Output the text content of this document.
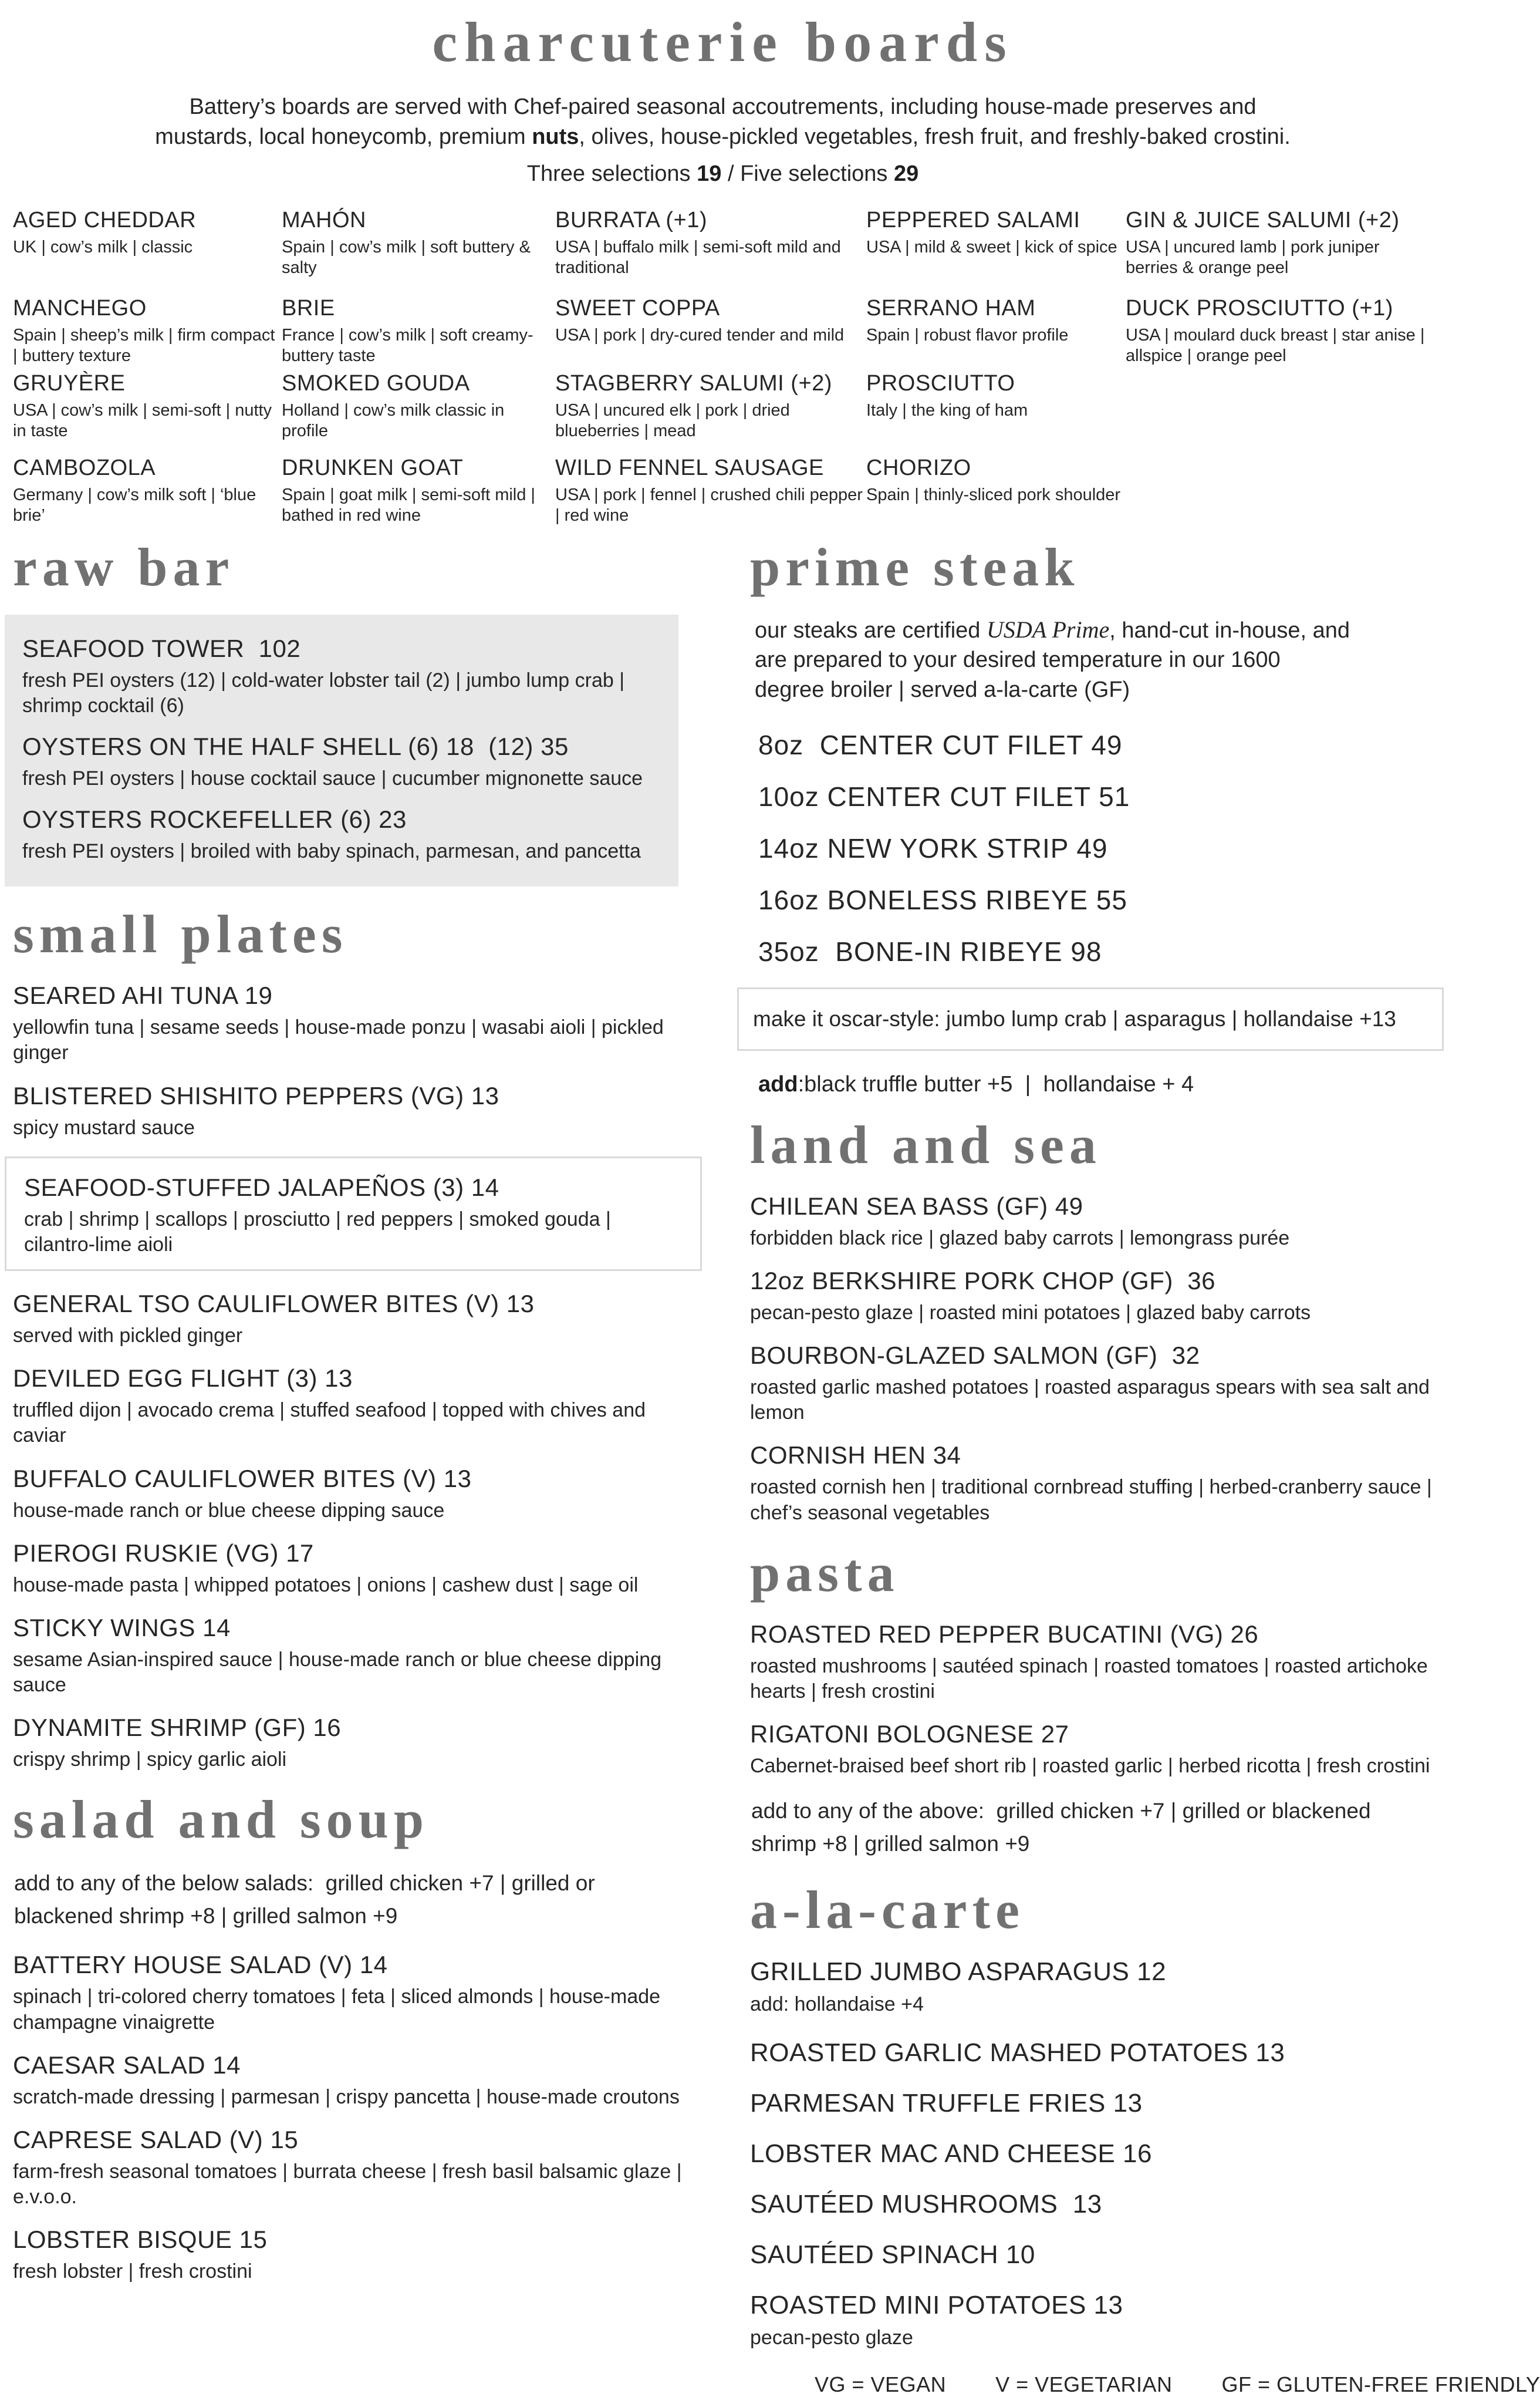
charcuterie boards

Battery’s boards are served with Chef-paired seasonal accoutrements, including house-made preserves and
mustards, local honeycomb, premium nuts, olives, house-pickled vegetables, fresh fruit, and freshly-baked crostini.

Three selections 19 / Five selections 29

AGED CHEDDAR
UK | cow’s milk | classic
MANCHEGO
Spain | sheep’s milk | firm compact | buttery texture
GRUYÈRE
USA | cow’s milk | semi-soft | nutty in taste
CAMBOZOLA
Germany | cow’s milk soft | ‘blue brie’
MAHÓN
Spain | cow’s milk | soft buttery & salty
BRIE
France | cow’s milk | soft creamy-buttery taste
SMOKED GOUDA
Holland | cow’s milk classic in profile
DRUNKEN GOAT
Spain | goat milk | semi-soft mild | bathed in red wine
BURRATA (+1)
USA | buffalo milk | semi-soft mild and traditional
SWEET COPPA
USA | pork | dry-cured tender and mild
STAGBERRY SALUMI (+2)
USA | uncured elk | pork | dried blueberries | mead
WILD FENNEL SAUSAGE
USA | pork | fennel | crushed chili pepper | red wine
PEPPERED SALAMI
USA | mild & sweet | kick of spice
SERRANO HAM
Spain | robust flavor profile
PROSCIUTTO
Italy | the king of ham
CHORIZO
Spain | thinly-sliced pork shoulder
GIN & JUICE SALUMI (+2)
USA | uncured lamb | pork juniper berries & orange peel
DUCK PROSCIUTTO (+1)
USA | moulard duck breast | star anise | allspice | orange peel
raw bar
SEAFOOD TOWER  102
fresh PEI oysters (12) | cold-water lobster tail (2) | jumbo lump crab | shrimp cocktail (6)
OYSTERS ON THE HALF SHELL (6) 18  (12) 35
fresh PEI oysters | house cocktail sauce | cucumber mignonette sauce
OYSTERS ROCKEFELLER (6) 23
fresh PEI oysters | broiled with baby spinach, parmesan, and pancetta
small plates
SEARED AHI TUNA 19
yellowfin tuna | sesame seeds | house-made ponzu | wasabi aioli | pickled ginger
BLISTERED SHISHITO PEPPERS (VG) 13
spicy mustard sauce
SEAFOOD-STUFFED JALAPEÑOS (3) 14
crab | shrimp | scallops | prosciutto | red peppers | smoked gouda | cilantro-lime aioli
GENERAL TSO CAULIFLOWER BITES (V) 13
served with pickled ginger
DEVILED EGG FLIGHT (3) 13
truffled dijon | avocado crema | stuffed seafood | topped with chives and caviar
BUFFALO CAULIFLOWER BITES (V) 13
house-made ranch or blue cheese dipping sauce
PIEROGI RUSKIE (VG) 17
house-made pasta | whipped potatoes | onions | cashew dust | sage oil
STICKY WINGS 14
sesame Asian-inspired sauce | house-made ranch or blue cheese dipping sauce
DYNAMITE SHRIMP (GF) 16
crispy shrimp | spicy garlic aioli
salad and soup

add to any of the below salads:  grilled chicken +7 | grilled or blackened shrimp +8 | grilled salmon +9

BATTERY HOUSE SALAD (V) 14
spinach | tri-colored cherry tomatoes | feta | sliced almonds | house-made champagne vinaigrette
CAESAR SALAD 14
scratch-made dressing | parmesan | crispy pancetta | house-made croutons
CAPRESE SALAD (V) 15
farm-fresh seasonal tomatoes | burrata cheese | fresh basil balsamic glaze | e.v.o.o.
LOBSTER BISQUE 15
fresh lobster | fresh crostini
prime steak

our steaks are certified USDA Prime, hand-cut in-house, and
are prepared to your desired temperature in our 1600
degree broiler | served a-la-carte (GF)

8oz  CENTER CUT FILET 49
10oz CENTER CUT FILET 51
14oz NEW YORK STRIP 49
16oz BONELESS RIBEYE 55
35oz  BONE-IN RIBEYE 98
make it oscar-style: jumbo lump crab | asparagus | hollandaise +13

add:black truffle butter +5  |  hollandaise + 4

land and sea
CHILEAN SEA BASS (GF) 49
forbidden black rice | glazed baby carrots | lemongrass purée
12oz BERKSHIRE PORK CHOP (GF)  36
pecan-pesto glaze | roasted mini potatoes | glazed baby carrots
BOURBON-GLAZED SALMON (GF)  32
roasted garlic mashed potatoes | roasted asparagus spears with sea salt and lemon
CORNISH HEN 34
roasted cornish hen | traditional cornbread stuffing | herbed-cranberry sauce | chef’s seasonal vegetables
pasta
ROASTED RED PEPPER BUCATINI (VG) 26
roasted mushrooms | sautéed spinach | roasted tomatoes | roasted artichoke hearts | fresh crostini
RIGATONI BOLOGNESE 27
Cabernet-braised beef short rib | roasted garlic | herbed ricotta | fresh crostini

add to any of the above:  grilled chicken +7 | grilled or blackened shrimp +8 | grilled salmon +9

a-la-carte
GRILLED JUMBO ASPARAGUS 12
add: hollandaise +4
ROASTED GARLIC MASHED POTATOES 13
PARMESAN TRUFFLE FRIES 13
LOBSTER MAC AND CHEESE 16
SAUTÉED MUSHROOMS  13
SAUTÉED SPINACH 10
ROASTED MINI POTATOES 13
pecan-pesto glaze
VG = VEGAN V = VEGETARIAN GF = GLUTEN-FREE FRIENDLY
